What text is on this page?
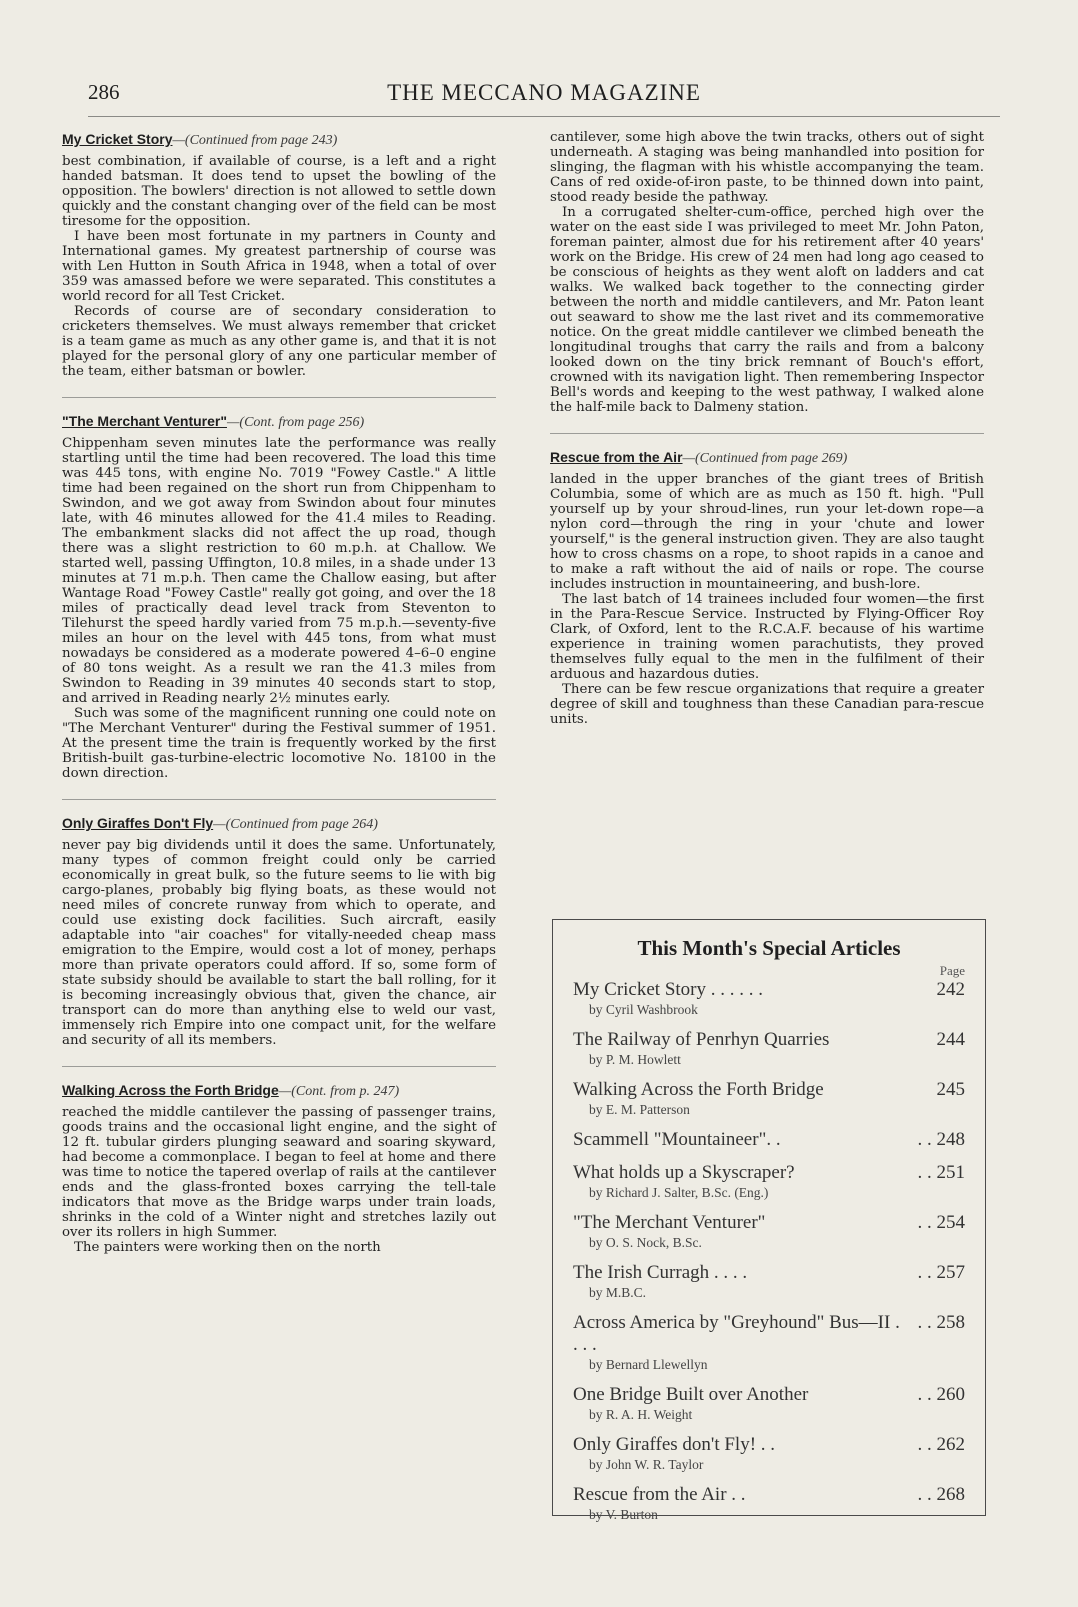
286	THE MECCANO MAGAZINE
My Cricket Story—(Continued from page 243)

best combination, if available of course, is a left and a right handed batsman. It does tend to upset the bowling of the opposition. The bowlers' direction is not allowed to settle down quickly and the constant changing over of the field can be most tiresome for the opposition.

I have been most fortunate in my partners in County and International games. My greatest partnership of course was with Len Hutton in South Africa in 1948, when a total of over 359 was amassed before we were separated. This constitutes a world record for all Test Cricket.

Records of course are of secondary consideration to cricketers themselves. We must always remember that cricket is a team game as much as any other game is, and that it is not played for the personal glory of any one particular member of the team, either batsman or bowler.

"The Merchant Venturer"—(Cont. from page 256)

Chippenham seven minutes late the performance was really startling until the time had been recovered. The load this time was 445 tons, with engine No. 7019 "Fowey Castle." A little time had been regained on the short run from Chippenham to Swindon, and we got away from Swindon about four minutes late, with 46 minutes allowed for the 41.4 miles to Reading. The embankment slacks did not affect the up road, though there was a slight restriction to 60 m.p.h. at Challow. We started well, passing Uffington, 10.8 miles, in a shade under 13 minutes at 71 m.p.h. Then came the Challow easing, but after Wantage Road "Fowey Castle" really got going, and over the 18 miles of practically dead level track from Steventon to Tilehurst the speed hardly varied from 75 m.p.h.—seventy-five miles an hour on the level with 445 tons, from what must nowadays be considered as a moderate powered 4–6–0 engine of 80 tons weight. As a result we ran the 41.3 miles from Swindon to Reading in 39 minutes 40 seconds start to stop, and arrived in Reading nearly 2½ minutes early.

Such was some of the magnificent running one could note on "The Merchant Venturer" during the Festival summer of 1951. At the present time the train is frequently worked by the first British-built gas-turbine-electric locomotive No. 18100 in the down direction.

Only Giraffes Don't Fly—(Continued from page 264)

never pay big dividends until it does the same. Unfortunately, many types of common freight could only be carried economically in great bulk, so the future seems to lie with big cargo-planes, probably big flying boats, as these would not need miles of concrete runway from which to operate, and could use existing dock facilities. Such aircraft, easily adaptable into "air coaches" for vitally-needed cheap mass emigration to the Empire, would cost a lot of money, perhaps more than private operators could afford. If so, some form of state subsidy should be available to start the ball rolling, for it is becoming increasingly obvious that, given the chance, air transport can do more than anything else to weld our vast, immensely rich Empire into one compact unit, for the welfare and security of all its members.

Walking Across the Forth Bridge—(Cont. from p. 247)

reached the middle cantilever the passing of passenger trains, goods trains and the occasional light engine, and the sight of 12 ft. tubular girders plunging seaward and soaring skyward, had become a commonplace. I began to feel at home and there was time to notice the tapered overlap of rails at the cantilever ends and the glass-fronted boxes carrying the tell-tale indicators that move as the Bridge warps under train loads, shrinks in the cold of a Winter night and stretches lazily out over its rollers in high Summer.

The painters were working then on the north

cantilever, some high above the twin tracks, others out of sight underneath. A staging was being manhandled into position for slinging, the flagman with his whistle accompanying the team. Cans of red oxide-of-iron paste, to be thinned down into paint, stood ready beside the pathway.

In a corrugated shelter-cum-office, perched high over the water on the east side I was privileged to meet Mr. John Paton, foreman painter, almost due for his retirement after 40 years' work on the Bridge. His crew of 24 men had long ago ceased to be conscious of heights as they went aloft on ladders and cat walks. We walked back together to the connecting girder between the north and middle cantilevers, and Mr. Paton leant out seaward to show me the last rivet and its commemorative notice. On the great middle cantilever we climbed beneath the longitudinal troughs that carry the rails and from a balcony looked down on the tiny brick remnant of Bouch's effort, crowned with its navigation light. Then remembering Inspector Bell's words and keeping to the west pathway, I walked alone the half-mile back to Dalmeny station.

Rescue from the Air—(Continued from page 269)

landed in the upper branches of the giant trees of British Columbia, some of which are as much as 150 ft. high. "Pull yourself up by your shroud-lines, run your let-down rope—a nylon cord—through the ring in your 'chute and lower yourself," is the general instruction given. They are also taught how to cross chasms on a rope, to shoot rapids in a canoe and to make a raft without the aid of nails or rope. The course includes instruction in mountaineering, and bush-lore.

The last batch of 14 trainees included four women—the first in the Para-Rescue Service. Instructed by Flying-Officer Roy Clark, of Oxford, lent to the R.C.A.F. because of his wartime experience in training women parachutists, they proved themselves fully equal to the men in the fulfilment of their arduous and hazardous duties.

There can be few rescue organizations that require a greater degree of skill and toughness than these Canadian para-rescue units.

This Month's Special Articles
Page
My Cricket Story . . . . . .	242
by Cyril Washbrook
The Railway of Penrhyn Quarries	244
by P. M. Howlett
Walking Across the Forth Bridge	245
by E. M. Patterson
Scammell "Mountaineer". .	. . 248
What holds up a Skyscraper?	. . 251
by Richard J. Salter, B.Sc. (Eng.)
"The Merchant Venturer"	. . 254
by O. S. Nock, B.Sc.
The Irish Curragh . . . .	. . 257
by M.B.C.
Across America by "Greyhound" Bus—II . . . .
. . 258
by Bernard Llewellyn
One Bridge Built over Another	. . 260
by R. A. H. Weight
Only Giraffes don't Fly! . .	. . 262
by John W. R. Taylor
Rescue from the Air . .	. . 268
by V. Burton
